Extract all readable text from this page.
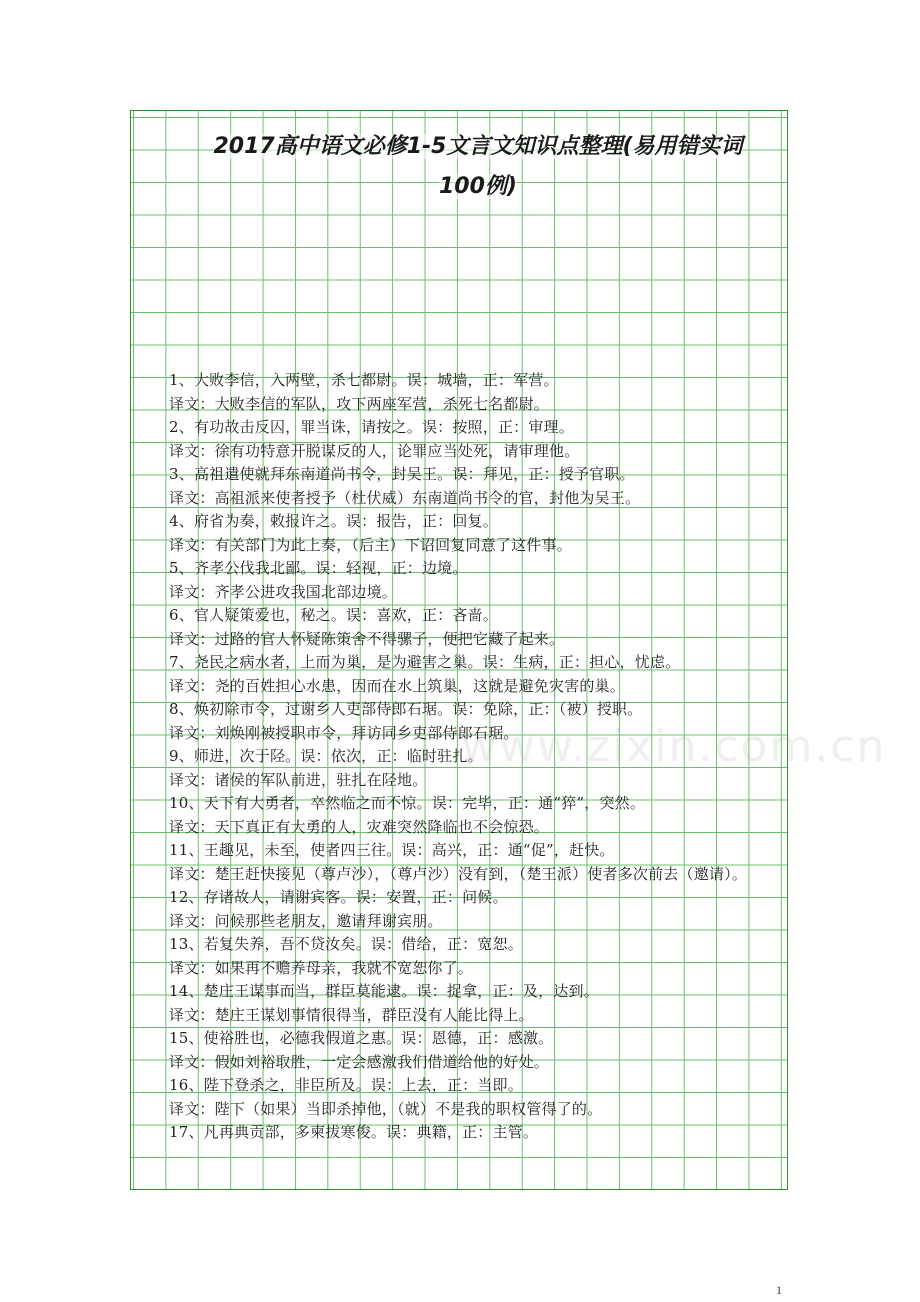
2017高中语文必修1-5文言文知识点整理(易用错实词
100例)
www.zixin.com.cn
1、大败李信，入两壁，杀七都尉。误：城墙，正：军营。
译文：大败李信的军队，攻下两座军营，杀死七名都尉。
2、有功故击反囚，罪当诛，请按之。误：按照，正：审理。
译文：徐有功特意开脱谋反的人，论罪应当处死，请审理他。
3、高祖遣使就拜东南道尚书令，封吴王。误：拜见，正：授予官职。
译文：高祖派来使者授予（杜伏威）东南道尚书令的官，封他为吴王。
4、府省为奏，敕报许之。误：报告，正：回复。
译文：有关部门为此上奏，（后主）下诏回复同意了这件事。
5、齐孝公伐我北鄙。误：轻视，正：边境。
译文：齐孝公进攻我国北部边境。
6、官人疑策爱也，秘之。误：喜欢，正：吝啬。
译文：过路的官人怀疑陈策舍不得骡子，便把它藏了起来。
7、尧民之病水者，上而为巢，是为避害之巢。误：生病，正：担心，忧虑。
译文：尧的百姓担心水患，因而在水上筑巢，这就是避免灾害的巢。
8、焕初除市令，过谢乡人吏部侍郎石琚。误：免除，正：（被）授职。
译文：刘焕刚被授职市令，拜访同乡吏部侍郎石琚。
9、师进，次于陉。误：依次，正：临时驻扎。
译文：诸侯的军队前进，驻扎在陉地。
10、天下有大勇者，卒然临之而不惊。误：完毕，正：通“猝”，突然。
译文：天下真正有大勇的人，灾难突然降临也不会惊恐。
11、王趣见，未至，使者四三往。误：高兴，正：通“促”，赶快。
译文：楚王赶快接见（尊卢沙），（尊卢沙）没有到，（楚王派）使者多次前去（邀请）。
12、存诸故人，请谢宾客。误：安置，正：问候。
译文：问候那些老朋友，邀请拜谢宾朋。
13、若复失养，吾不贷汝矣。误：借给，正：宽恕。
译文：如果再不赡养母亲，我就不宽恕你了。
14、楚庄王谋事而当，群臣莫能逮。误：捉拿，正：及，达到。
译文：楚庄王谋划事情很得当，群臣没有人能比得上。
15、使裕胜也，必德我假道之惠。误：恩德，正：感激。
译文：假如刘裕取胜，一定会感激我们借道给他的好处。
16、陛下登杀之，非臣所及。误：上去，正：当即。
译文：陛下（如果）当即杀掉他，（就）不是我的职权管得了的。
17、凡再典贡部，多柬拔寒俊。误：典籍，正：主管。
1
